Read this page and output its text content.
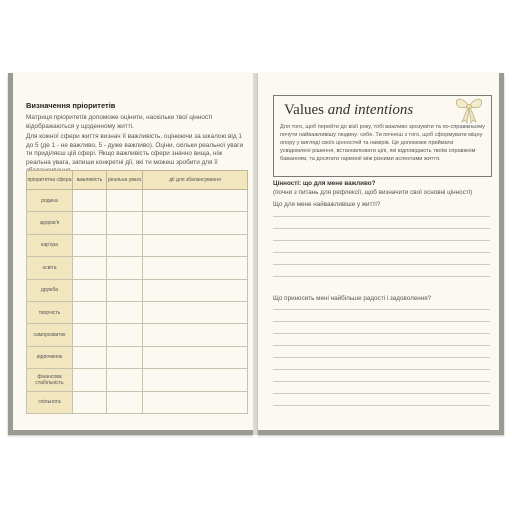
Визначення пріоритетів
Матриця пріоритетів допоможе оцінити, наскільки твої цінності відображаються у щоденному житті.
Для кожної сфери життя визнач її важливість, оцінюючи за шкалою від 1 до 5 (де 1 - не важливо, 5 - дуже важливо). Оціни, скільки реальної уваги ти приділяєш цій сфері. Якщо важливість сфери значно вища, ніж реальна увага, запиши конкретні дії, які ти можеш зробити для її
пріоритетна сфера	важливість	реальна увага	дії для збалансування
родина			
здоров'я			
кар'єра			
освіта			
дружба			
творчість			
саморозвиток			
відпочинок			
фінансова стабільність			
спільнота			
Values and intentions
Для того, щоб перейти до візії року, тобі важливо зрозуміти та по-справжньому почути найважливішу людину: себе. Ти почнеш з того, щоб сформувати міцну опору у вигляді своїх цінностей та намірів. Це допоможе приймати усвідомлені рішення, встановлювати цілі, які відповідають твоїм справжнім бажанням, та досягати гармонії між різними аспектами життя.
Цінності: що для мене важливо?
(почни з питань для рефлексії, щоб визначити свої основні цінності)
Що для мене найважливіше у житті?
Що приносить мені найбільше радості і задоволення?
